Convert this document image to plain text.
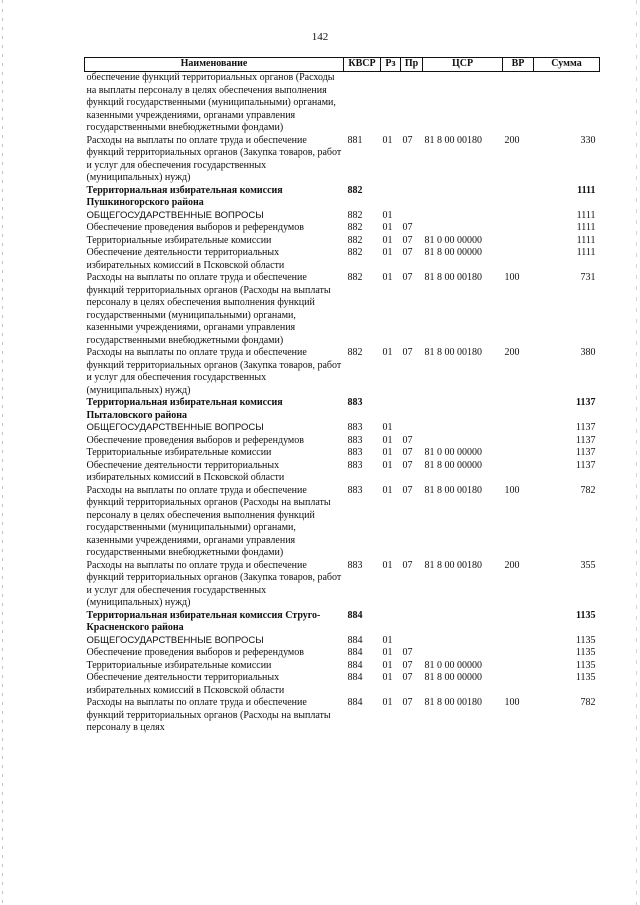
142
Наименование	КВСР	Рз	Пр	ЦСР	ВР	Сумма
обеспечение функций территориальных органов (Расходы на выплаты персоналу в целях обеспечения выполнения функций государственными (муниципальными) органами, казенными учреждениями, органами управления государственными внебюджетными фондами)						
Расходы на выплаты по оплате труда и обеспечение функций территориальных органов (Закупка товаров, работ и услуг для обеспечения государственных (муниципальных) нужд)	881	01	07	81 8 00 00180	200	330
Территориальная избирательная комиссия Пушкиногорского района	882					1111
ОБЩЕГОСУДАРСТВЕННЫЕ ВОПРОСЫ	882	01				1111
Обеспечение проведения выборов и референдумов	882	01	07			1111
Территориальные избирательные комиссии	882	01	07	81 0 00 00000		1111
Обеспечение деятельности территориальных избирательных комиссий в Псковской области	882	01	07	81 8 00 00000		1111
Расходы на выплаты по оплате труда и обеспечение функций территориальных органов (Расходы на выплаты персоналу в целях обеспечения выполнения функций государственными (муниципальными) органами, казенными учреждениями, органами управления государственными внебюджетными фондами)	882	01	07	81 8 00 00180	100	731
Расходы на выплаты по оплате труда и обеспечение функций территориальных органов (Закупка товаров, работ и услуг для обеспечения государственных (муниципальных) нужд)	882	01	07	81 8 00 00180	200	380
Территориальная избирательная комиссия Пыталовского района	883					1137
ОБЩЕГОСУДАРСТВЕННЫЕ ВОПРОСЫ	883	01				1137
Обеспечение проведения выборов и референдумов	883	01	07			1137
Территориальные избирательные комиссии	883	01	07	81 0 00 00000		1137
Обеспечение деятельности территориальных избирательных комиссий в Псковской области	883	01	07	81 8 00 00000		1137
Расходы на выплаты по оплате труда и обеспечение функций территориальных органов (Расходы на выплаты персоналу в целях обеспечения выполнения функций государственными (муниципальными) органами, казенными учреждениями, органами управления государственными внебюджетными фондами)	883	01	07	81 8 00 00180	100	782
Расходы на выплаты по оплате труда и обеспечение функций территориальных органов (Закупка товаров, работ и услуг для обеспечения государственных (муниципальных) нужд)	883	01	07	81 8 00 00180	200	355
Территориальная избирательная комиссия Струго-Красненского района	884					1135
ОБЩЕГОСУДАРСТВЕННЫЕ ВОПРОСЫ	884	01				1135
Обеспечение проведения выборов и референдумов	884	01	07			1135
Территориальные избирательные комиссии	884	01	07	81 0 00 00000		1135
Обеспечение деятельности территориальных избирательных комиссий в Псковской области	884	01	07	81 8 00 00000		1135
Расходы на выплаты по оплате труда и обеспечение функций территориальных органов (Расходы на выплаты персоналу в целях	884	01	07	81 8 00 00180	100	782
